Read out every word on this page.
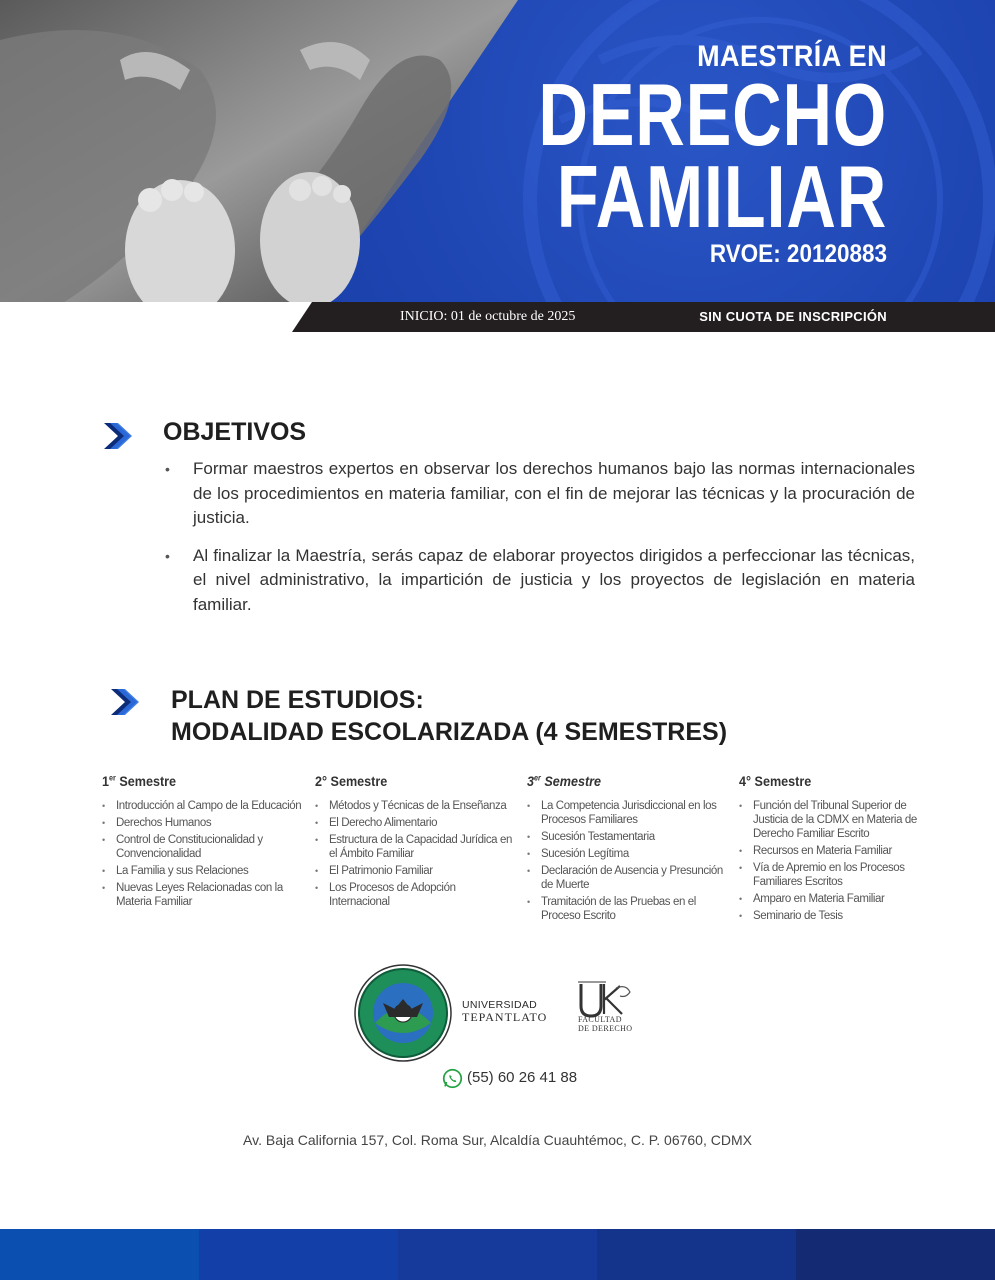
MAESTRÍA EN
DERECHO
FAMILIAR
RVOE: 20120883
INICIO: 01 de octubre de 2025	SIN CUOTA DE INSCRIPCIÓN
OBJETIVOS
• Formar maestros expertos en observar los derechos humanos bajo las normas internacionales de los procedimientos en materia familiar, con el fin de mejorar las técnicas y la procuración de justicia.
• Al finalizar la Maestría, serás capaz de elaborar proyectos dirigidos a perfeccionar las técnicas, el nivel administrativo, la impartición de justicia y los proyectos de legislación en materia familiar.
PLAN DE ESTUDIOS:
MODALIDAD ESCOLARIZADA (4 SEMESTRES)
1er Semestre
• Introducción al Campo de la Educación
• Derechos Humanos
• Control de Constitucionalidad y Convencionalidad
• La Familia y sus Relaciones
• Nuevas Leyes Relacionadas con la Materia Familiar
2° Semestre
• Métodos y Técnicas de la Enseñanza
• El Derecho Alimentario
• Estructura de la Capacidad Jurídica en el Ámbito Familiar
• El Patrimonio Familiar
• Los Procesos de Adopción Internacional
3er Semestre
• La Competencia Jurisdiccional en los Procesos Familiares
• Sucesión Testamentaria
• Sucesión Legítima
• Declaración de Ausencia y Presunción de Muerte
• Tramitación de las Pruebas en el Proceso Escrito
4° Semestre
• Función del Tribunal Superior de Justicia de la CDMX en Materia de Derecho Familiar Escrito
• Recursos en Materia Familiar
• Vía de Apremio en los Procesos Familiares Escritos
• Amparo en Materia Familiar
• Seminario de Tesis
UNIVERSIDAD
TEPANTLATO	FACULTAD
DE DERECHO
(55) 60 26 41 88
Av. Baja California 157, Col. Roma Sur, Alcaldía Cuauhtémoc, C. P. 06760, CDMX
